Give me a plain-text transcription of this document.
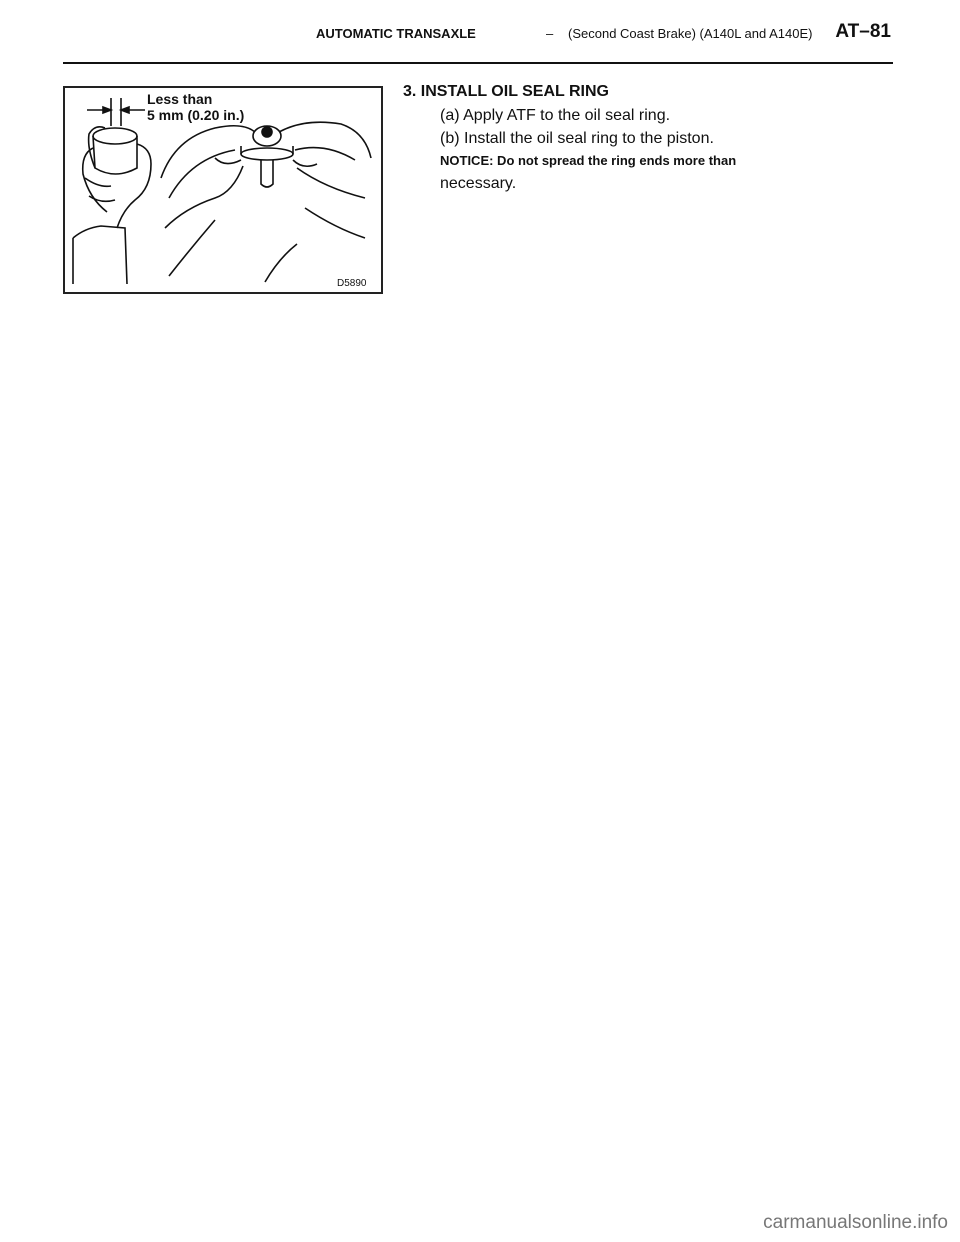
AUTOMATIC TRANSAXLE	– (Second Coast Brake) (A140L and A140E) AT–81
Less than
5 mm (0.20 in.)
D5890
3. INSTALL OIL SEAL RING
(a) Apply ATF to the oil seal ring.
(b) Install the oil seal ring to the piston.
NOTICE: Do not spread the ring ends more than
necessary.
carmanualsonline.info
